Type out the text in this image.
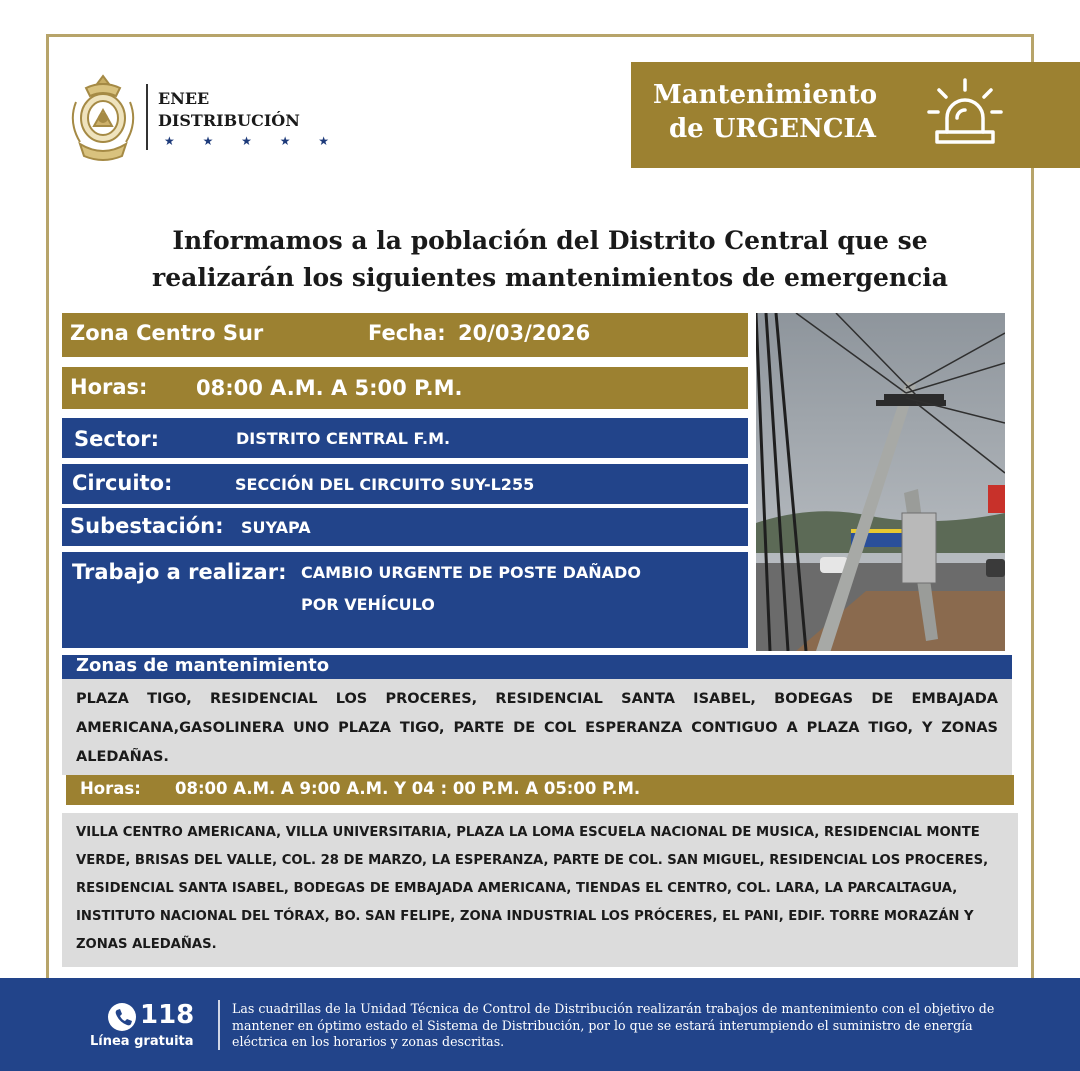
ENEE
DISTRIBUCIÓN
★ ★ ★ ★ ★
Mantenimiento
de URGENCIA
Informamos a la población del Distrito Central que se
realizarán los siguientes mantenimientos de emergencia
Zona Centro Sur	Fecha: 20/03/2026
Horas: 08:00 A.M. A 5:00 P.M.
Sector:	DISTRITO CENTRAL F.M.
Circuito:	SECCIÓN DEL CIRCUITO SUY-L255
Subestación: SUYAPA
Trabajo a realizar: CAMBIO URGENTE DE POSTE DAÑADO
POR VEHÍCULO
Zonas de mantenimiento
PLAZA TIGO, RESIDENCIAL LOS PROCERES, RESIDENCIAL SANTA ISABEL, BODEGAS DE EMBAJADA AMERICANA,GASOLINERA UNO PLAZA TIGO, PARTE DE COL ESPERANZA CONTIGUO A PLAZA TIGO, Y ZONAS ALEDAÑAS.
Horas: 08:00 A.M. A 9:00 A.M. Y 04 : 00 P.M. A 05:00 P.M.
VILLA CENTRO AMERICANA, VILLA UNIVERSITARIA, PLAZA LA LOMA ESCUELA NACIONAL DE MUSICA, RESIDENCIAL MONTE VERDE, BRISAS DEL VALLE, COL. 28 DE MARZO, LA ESPERANZA, PARTE DE COL. SAN MIGUEL, RESIDENCIAL LOS PROCERES, RESIDENCIAL SANTA ISABEL, BODEGAS DE EMBAJADA AMERICANA, TIENDAS EL CENTRO, COL. LARA, LA PARCALTAGUA, INSTITUTO NACIONAL DEL TÓRAX, BO. SAN FELIPE, ZONA INDUSTRIAL LOS PRÓCERES, EL PANI, EDIF. TORRE MORAZÁN Y ZONAS ALEDAÑAS.
118
Línea gratuita
Las cuadrillas de la Unidad Técnica de Control de Distribución realizarán trabajos de mantenimiento con el objetivo de mantener en óptimo estado el Sistema de Distribución, por lo que se estará interumpiendo el suministro de energía eléctrica en los horarios y zonas descritas.
